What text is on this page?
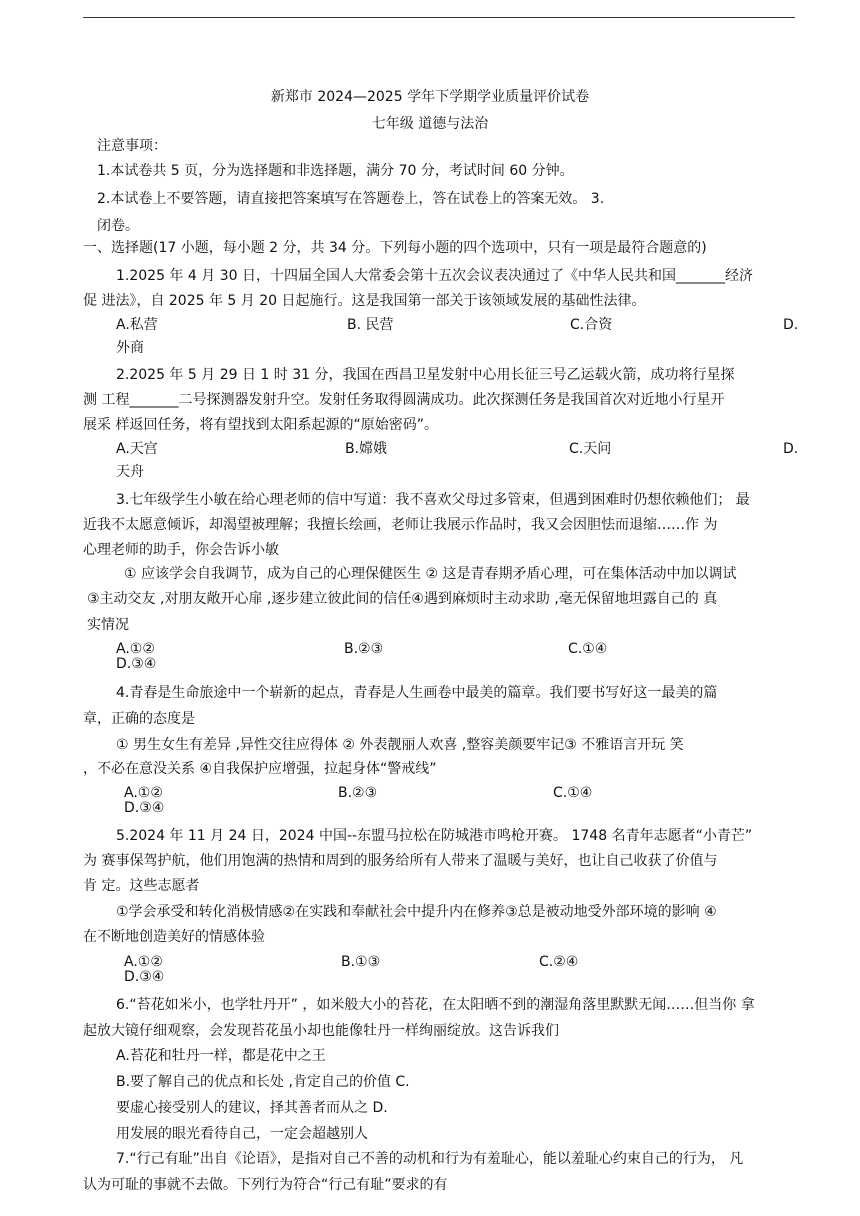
新郑市 2024—2025 学年下学期学业质量评价试卷
七年级 道德与法治
注意事项：
1.本试卷共 5 页，分为选择题和非选择题，满分 70 分，考试时间 60 分钟。
2.本试卷上不要答题，请直接把答案填写在答题卷上，答在试卷上的答案无效。 3.
闭卷。
一、选择题(17 小题，每小题 2 分，共 34 分。下列每小题的四个选项中，只有一项是最符合题意的)
1.2025 年 4 月 30 日，十四届全国人大常委会第十五次会议表决通过了《中华人民共和国_______经济
促 进法》，自 2025 年 5 月 20 日起施行。这是我国第一部关于该领域发展的基础性法律。
A.私营	B. 民营	C.合资	D.
外商
2.2025 年 5 月 29 日 1 时 31 分，我国在西昌卫星发射中心用长征三号乙运载火箭，成功将行星探
测 工程_______二号探测器发射升空。发射任务取得圆满成功。此次探测任务是我国首次对近地小行星开
展采 样返回任务，将有望找到太阳系起源的“原始密码”。
A.天宫	B.嫦娥	C.天问	D.
天舟
3.七年级学生小敏在给心理老师的信中写道：我不喜欢父母过多管束，但遇到困难时仍想依赖他们； 最
近我不太愿意倾诉，却渴望被理解；我擅长绘画，老师让我展示作品时，我又会因胆怯而退缩……作 为
心理老师的助手，你会告诉小敏
① 应该学会自我调节，成为自己的心理保健医生 ② 这是青春期矛盾心理，可在集体活动中加以调试
③主动交友 ,对朋友敞开心扉 ,逐步建立彼此间的信任④遇到麻烦时主动求助 ,毫无保留地坦露自己的 真
实情况
A.①②	B.②③	C.①④
D.③④
4.青春是生命旅途中一个崭新的起点，青春是人生画卷中最美的篇章。我们要书写好这一最美的篇
章，正确的态度是
① 男生女生有差异 ,异性交往应得体 ② 外表靓丽人欢喜 ,整容美颜要牢记③ 不雅语言开玩 笑
，不必在意没关系 ④自我保护应增强，拉起身体“警戒线”
A.①②	B.②③	C.①④
D.③④
5.2024 年 11 月 24 日，2024 中国--东盟马拉松在防城港市鸣枪开赛。 1748 名青年志愿者“小青芒”
为 赛事保驾护航，他们用饱满的热情和周到的服务给所有人带来了温暖与美好，也让自己收获了价值与
肯 定。这些志愿者
①学会承受和转化消极情感②在实践和奉献社会中提升内在修养③总是被动地受外部环境的影响 ④
在不断地创造美好的情感体验
A.①②	B.①③	C.②④
D.③④
6.“苔花如米小，也学牡丹开” ，如米般大小的苔花，在太阳晒不到的潮湿角落里默默无闻……但当你 拿
起放大镜仔细观察，会发现苔花虽小却也能像牡丹一样绚丽绽放。这告诉我们
A.苔花和牡丹一样，都是花中之王
B.要了解自己的优点和长处 ,肯定自己的价值 C.
要虚心接受别人的建议，择其善者而从之 D.
用发展的眼光看待自己，一定会超越别人
7.“行己有耻”出自《论语》，是指对自己不善的动机和行为有羞耻心，能以羞耻心约束自己的行为， 凡
认为可耻的事就不去做。下列行为符合“行己有耻”要求的有
